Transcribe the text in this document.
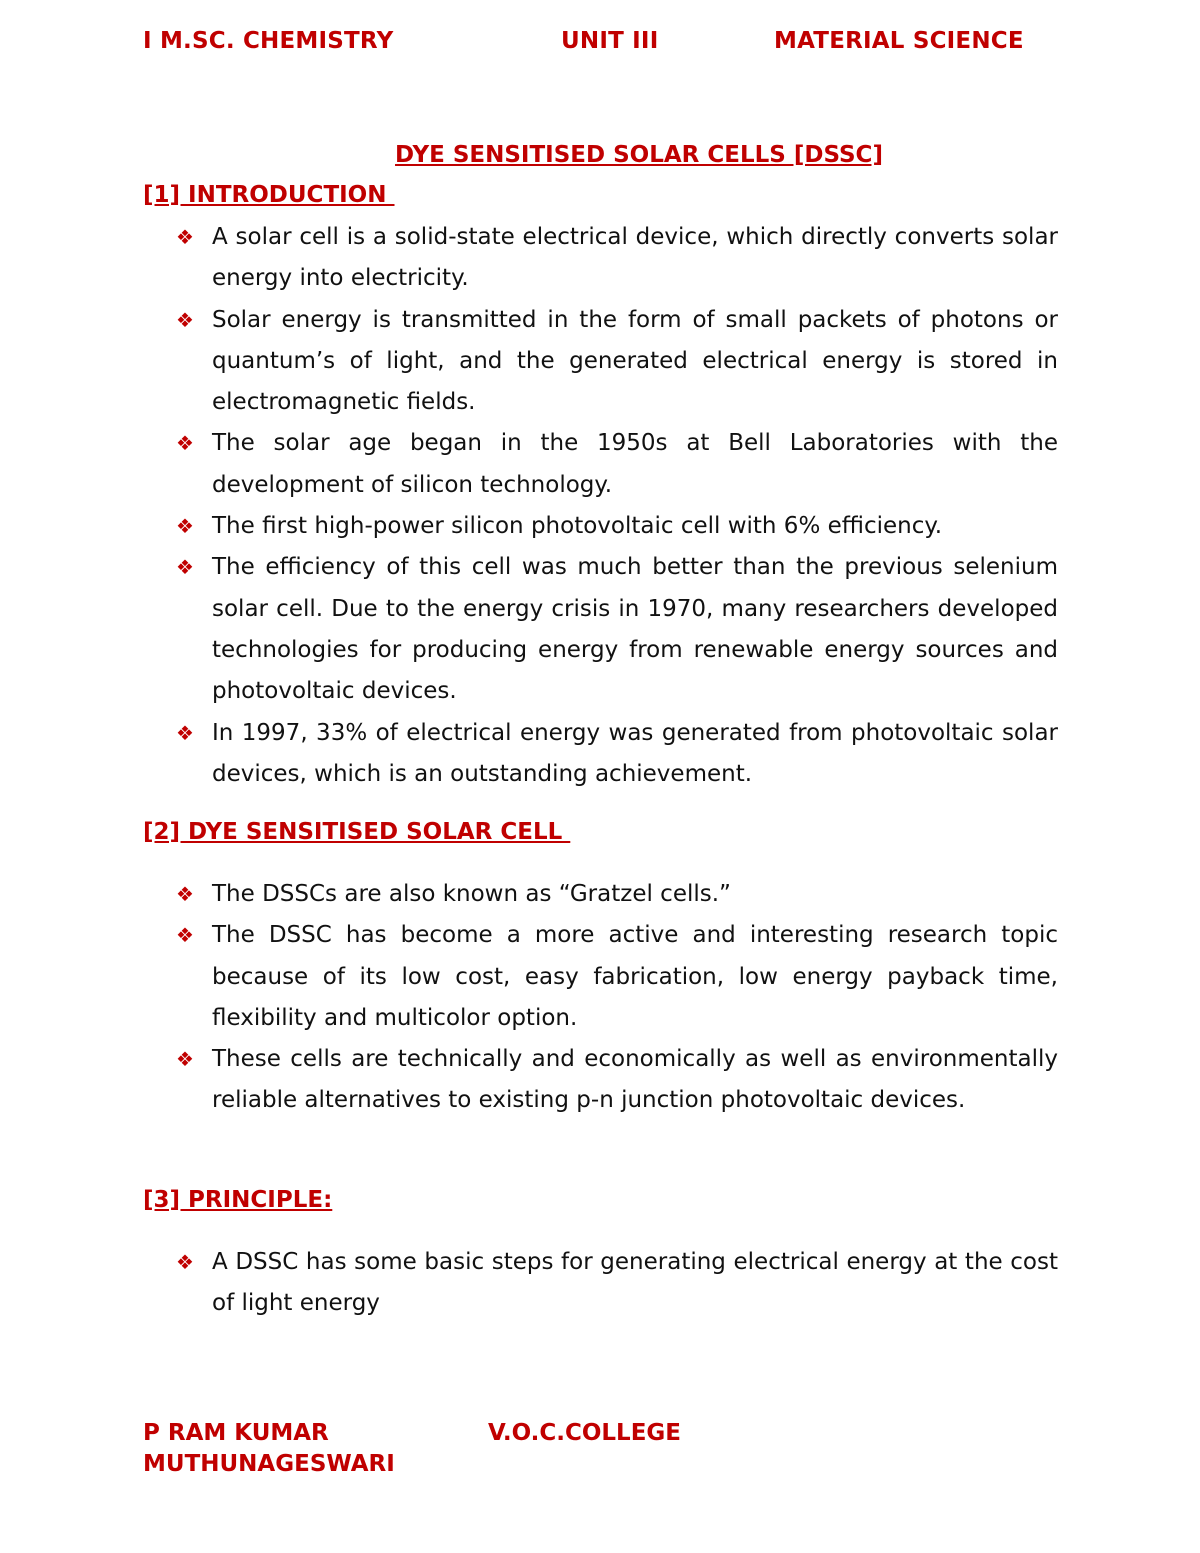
I M.SC. CHEMISTRY	UNIT III	MATERIAL SCIENCE
DYE SENSITISED SOLAR CELLS [DSSC]
[1] INTRODUCTION
❖ A solar cell is a solid-state electrical device, which directly converts solar energy into electricity.
❖ Solar energy is transmitted in the form of small packets of photons or quantum’s of light, and the generated electrical energy is stored in electromagnetic fields.
❖ The solar age began in the 1950s at Bell Laboratories with the development of silicon technology.
❖ The first high-power silicon photovoltaic cell with 6% efficiency.
❖ The efficiency of this cell was much better than the previous selenium solar cell. Due to the energy crisis in 1970, many researchers developed technologies for producing energy from renewable energy sources and photovoltaic devices.
❖ In 1997, 33% of electrical energy was generated from photovoltaic solar devices, which is an outstanding achievement.
[2] DYE SENSITISED SOLAR CELL
❖ The DSSCs are also known as “Gratzel cells.”
❖ The DSSC has become a more active and interesting research topic because of its low cost, easy fabrication, low energy payback time, flexibility and multicolor option.
❖ These cells are technically and economically as well as environmentally reliable alternatives to existing p-n junction photovoltaic devices.
[3] PRINCIPLE:
❖ A DSSC has some basic steps for generating electrical energy at the cost of light energy
P RAM KUMAR	V.O.C.COLLEGE
MUTHUNAGESWARI
